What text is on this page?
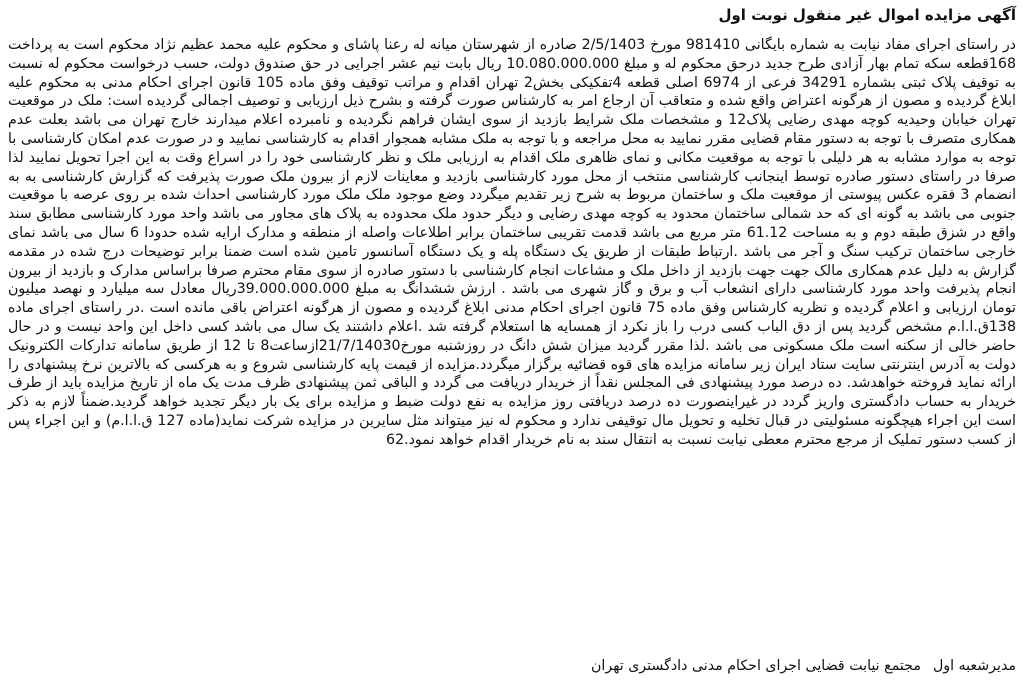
آگهی مزایده اموال غیر منقول نوبت اول

در راستای اجرای مفاد نیابت به شماره بایگانی 981410 مورخ 2/5/1403 صادره از شهرستان میانه له رعنا پاشای و محکوم علیه محمد عظیم نژاد محکوم است به پرداخت 168قطعه سکه تمام بهار آزادی طرح جدید درحق محکوم له و مبلغ 10.080.000.000 ریال بابت نیم عشر اجرایی در حق صندوق دولت، حسب درخواست محکوم له نسبت به توقیف پلاک ثبتی بشماره 34291 فرعی از 6974 اصلی قطعه 4تفکیکی بخش2 تهران اقدام و مراتب توقیف وفق ماده 105 قانون اجرای احکام مدنی به محکوم علیه ابلاغ گردیده و مصون از هرگونه اعتراض واقع شده و متعاقب آن ارجاع امر به کارشناس صورت گرفته و بشرح ذیل ارزیابی و توصیف اجمالی گردیده است: ملک در موقعیت تهران خیابان وحیدیه کوچه مهدی رضایی پلاک12 و مشخصات ملک شرایط بازدید از سوی ایشان فراهم نگردیده و نامبرده اعلام میدارند خارج تهران می باشد بعلت عدم همکاری متصرف با توجه به دستور مقام قضایی مقرر نمایید به محل مراجعه و با توجه به ملک مشابه همجوار اقدام به کارشناسی نمایید و در صورت عدم امکان کارشناسی با توجه به موارد مشابه به هر دلیلی با توجه به موقعیت مکانی و نمای ظاهری ملک اقدام به ارزیابی ملک و نظر کارشناسی خود را در اسراع وقت به این اجرا تحویل نمایید لذا صرفا در راستای دستور صادره توسط اینجانب کارشناسی منتخب از محل مورد کارشناسی بازدید و معاینات لازم از بیرون ملک صورت پذیرفت که گزارش کارشناسی به به انضمام 3 فقره عکس پیوستی از موقعیت ملک و ساختمان مربوط به شرح زیر تقدیم میگردد وضع موجود ملک ملک مورد کارشناسی احداث شده بر روی عرصه با موقعیت جنوبی می باشد به گونه ای که حد شمالی ساختمان محدود به کوچه مهدی رضایی و دیگر حدود ملک محدوده به پلاک های مجاور می باشد واحد مورد کارشناسی مطابق سند واقع در شزق طبقه دوم و به مساحت 61.12 متر مربع می باشد قدمت تقریبی ساختمان برابر اطلاعات واصله از منطقه و مدارک ارایه شده حدودا 6 سال می باشد نمای خارجی ساختمان ترکیب سنگ و آجر می باشد .ارتباط طبقات از طریق یک دستگاه پله و یک دستگاه آسانسور تامین شده است ضمنا برابر توضیحات درج شده در مقدمه گزارش به دلیل عدم همکاری مالک جهت جهت بازدید از داخل ملک و مشاعات انجام کارشناسی با دستور صادره از سوی مقام محترم صرفا براساس مدارک و بازدید از بیرون انجام پذیرفت واحد مورد کارشناسی دارای انشعاب آب و برق و گاز شهری می باشد . ارزش ششدانگ به مبلغ 39.000.000.000ریال معادل سه میلیارد و نهصد میلیون تومان ارزیابی و اعلام گردیده و نظریه کارشناس وفق ماده 75 قانون اجرای احکام مدنی ابلاغ گردیده و مصون از هرگونه اعتراض باقی مانده است .در راستای اجرای ماده 138ق.ا.ا.م مشخص گردید پس از دق الباب کسی درب را باز نکرد از همسایه ها استعلام گرفته شد .اعلام داشتند یک سال می باشد کسی داخل این واحد نیست و در حال حاضر خالی از سکنه است ملک مسکونی می باشد .لذا مقرر گردید میزان شش دانگ در روزشنبه مورخ21/7/14030ازساعت8 تا 12 از طریق سامانه تدارکات الکترونیک دولت به آدرس اینترنتی سایت ستاد ایران زیر سامانه مزایده های قوه قضائیه برگزار میگردد.مزایده از قیمت پایه کارشناسی شروع و به هرکسی که بالاترین نرخ پیشنهادی را ارائه نماید فروخته خواهدشد. ده درصد مورد پیشنهادی فی المجلس نقداً از خریدار دریافت می گردد و الباقی ثمن پیشنهادی ظرف مدت یک ماه از تاریخ مزایده باید از طرف خریدار به حساب دادگستری واریز گردد در غیراینصورت ده درصد دریافتی روز مزایده به نفع دولت ضبط و مزایده برای یک بار دیگر تجدید خواهد گردید.ضمناً لازم به ذکر است این اجراء هیچگونه مسئولیتی در قبال تخلیه و تحویل مال توقیفی ندارد و محکوم له نیز میتواند مثل سایرین در مزایده شرکت نماید(ماده 127 ق.ا.ا.م) و این اجراء پس از کسب دستور تملیک از مرجع محترم معطی نیابت نسبت به انتقال سند به نام خریدار اقدام خواهد نمود.62

مدیرشعبه اولمجتمع نیابت قضایی اجرای احکام مدنی دادگستری تهران
